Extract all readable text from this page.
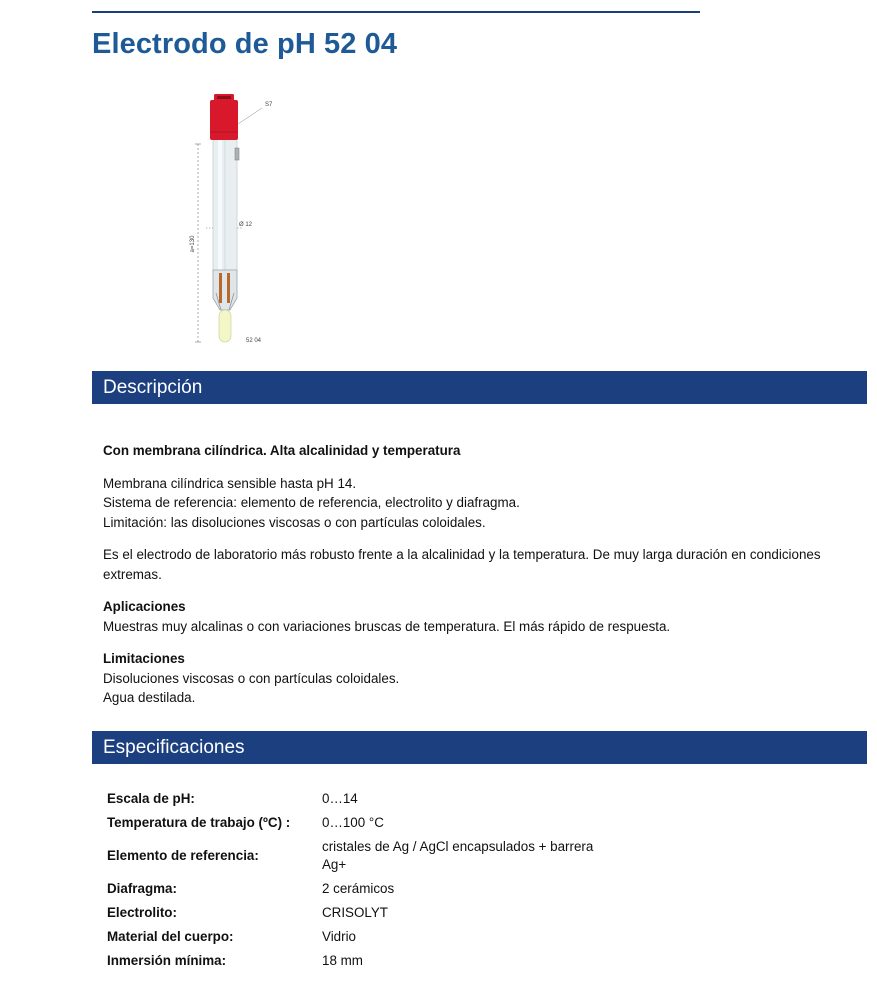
Electrodo de pH 52 04
a=130
S7
Ø 12
52 04
Descripción

Con membrana cilíndrica. Alta alcalinidad y temperatura

Membrana cilíndrica sensible hasta pH 14.
Sistema de referencia: elemento de referencia, electrolito y diafragma.
Limitación: las disoluciones viscosas o con partículas coloidales.

Es el electrodo de laboratorio más robusto frente a la alcalinidad y la temperatura. De muy larga duración en condiciones extremas.

Aplicaciones
Muestras muy alcalinas o con variaciones bruscas de temperatura. El más rápido de respuesta.

Limitaciones
Disoluciones viscosas o con partículas coloidales.
Agua destilada.

Especificaciones
Escala de pH:	0…14
Temperatura de trabajo (ºC) :	0…100 °C
Elemento de referencia:	cristales de Ag / AgCl encapsulados + barrera Ag+
Diafragma:	2 cerámicos
Electrolito:	CRISOLYT
Material del cuerpo:	Vidrio
Inmersión mínima:	18 mm
